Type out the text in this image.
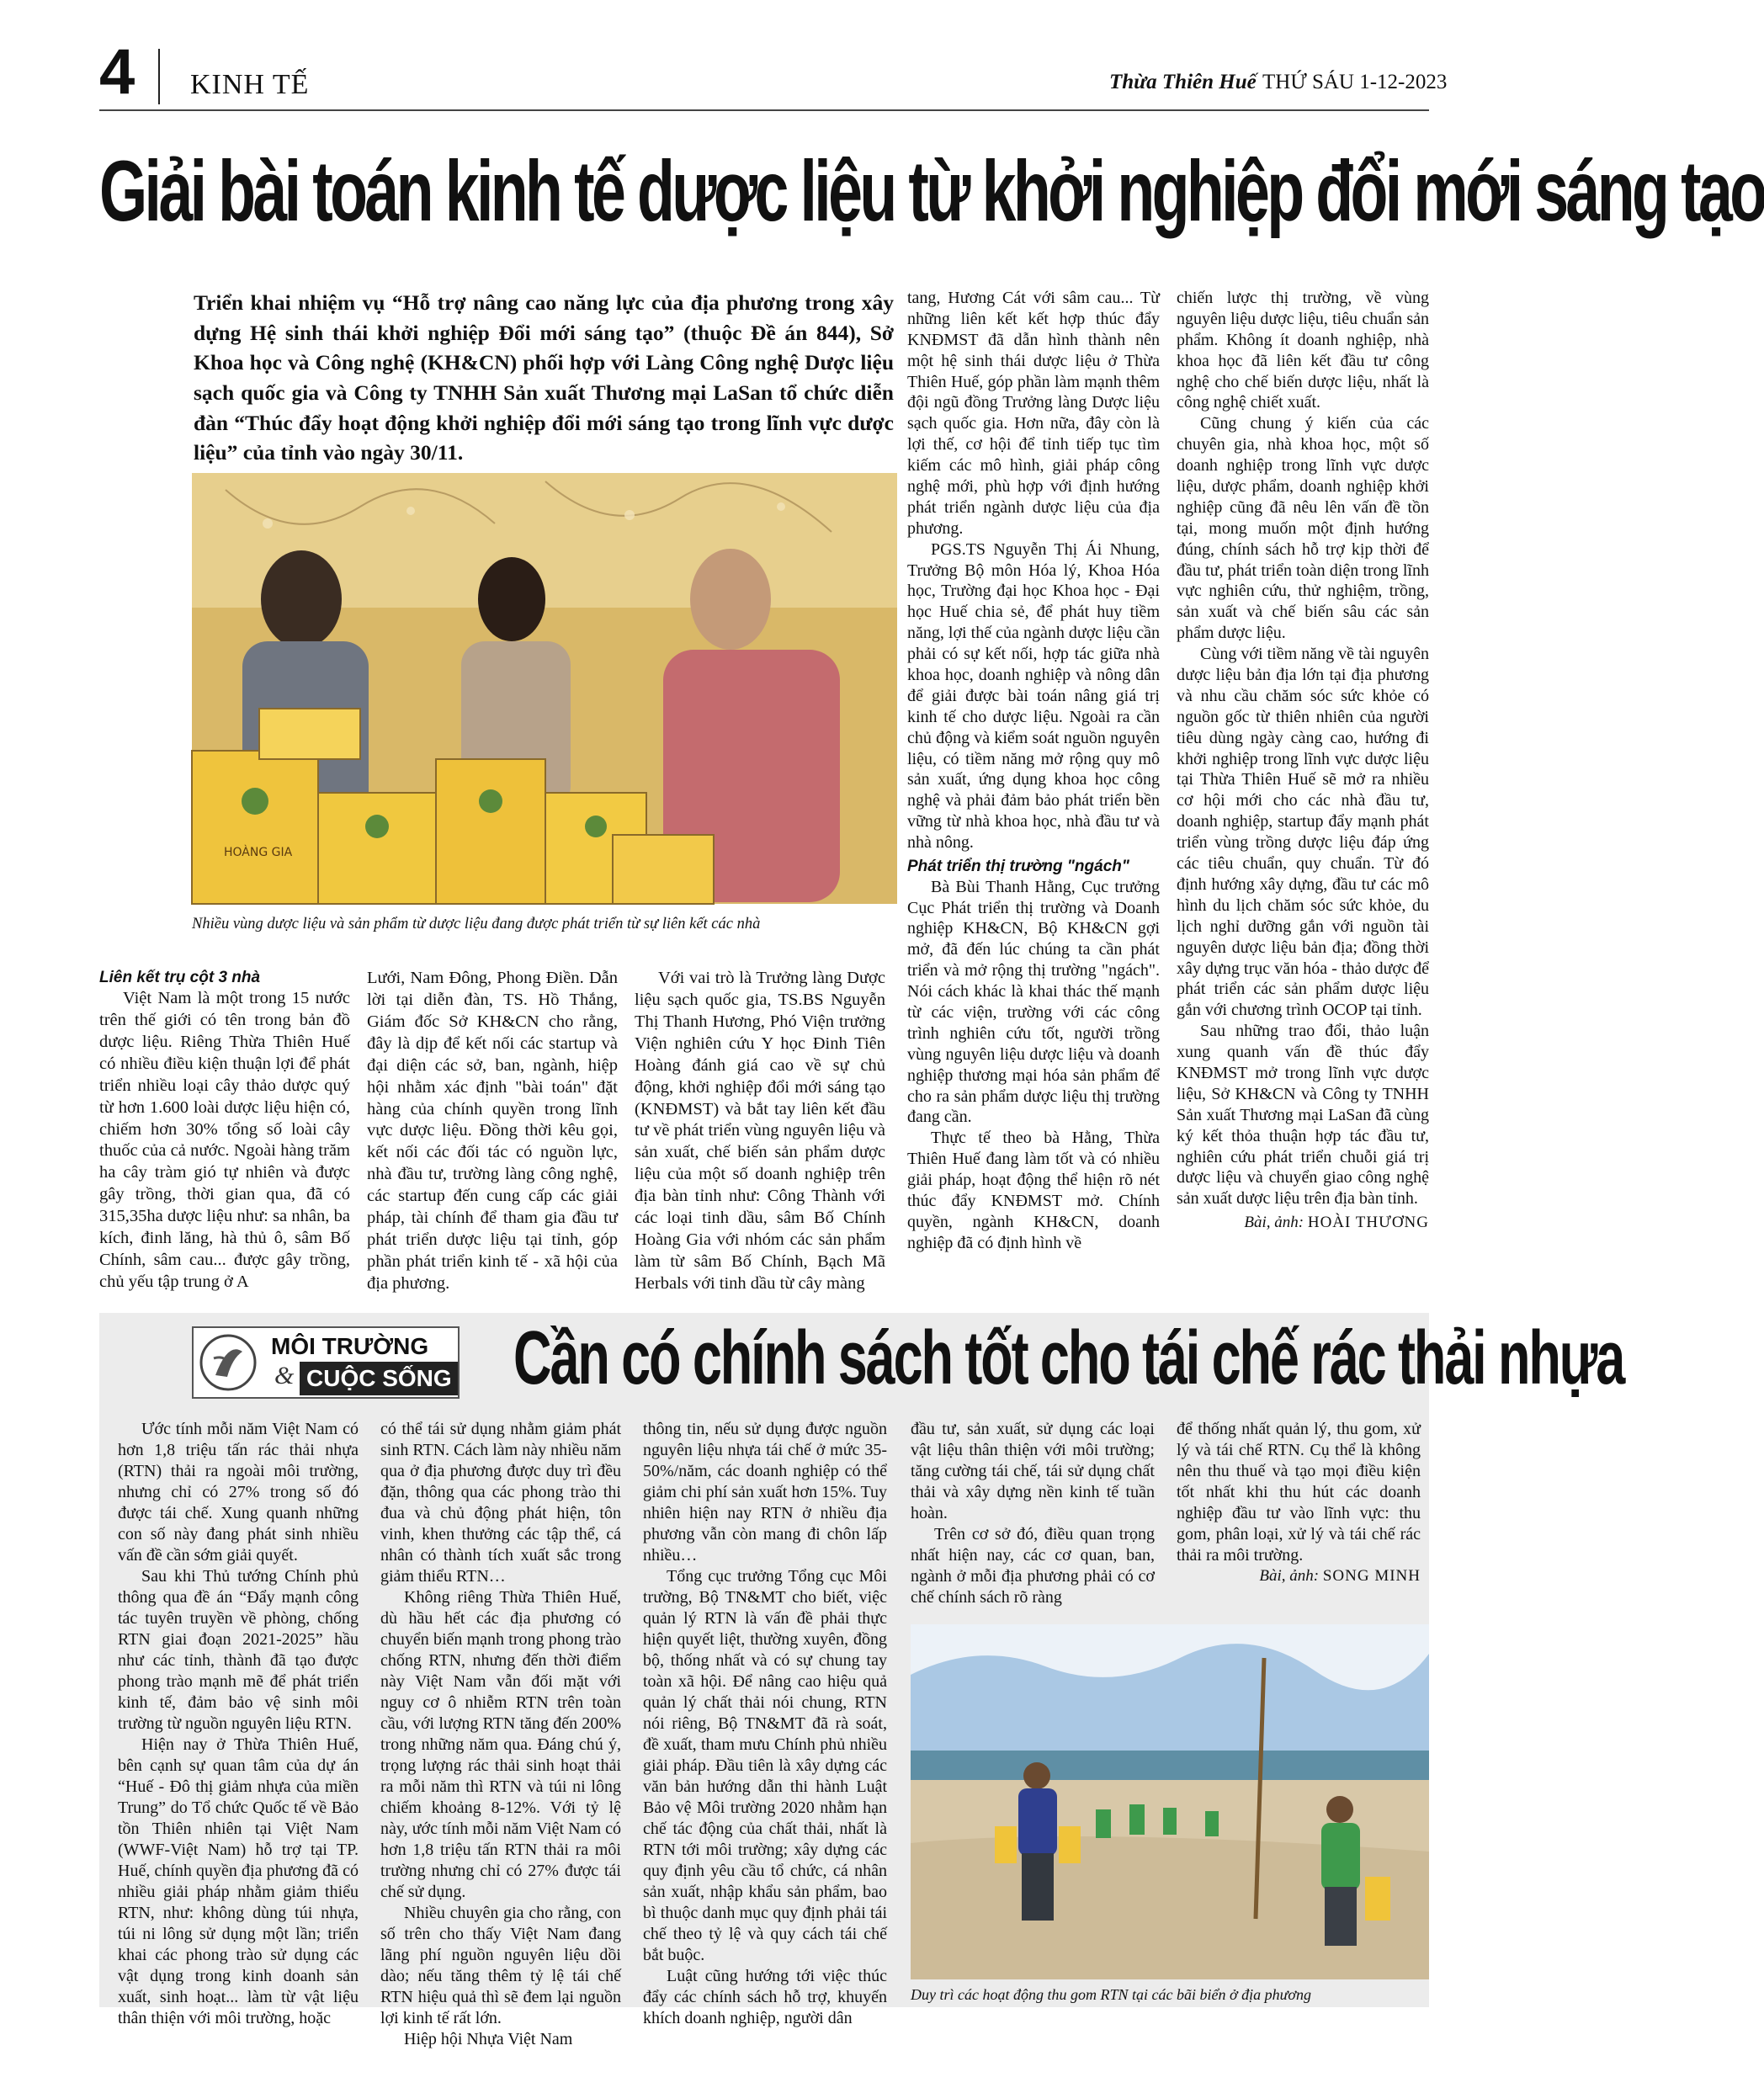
4 KINH TẾ	Thừa Thiên Huế THỨ SÁU 1-12-2023
Giải bài toán kinh tế dược liệu từ khởi nghiệp đổi mới sáng tạo
Triển khai nhiệm vụ “Hỗ trợ nâng cao năng lực của địa phương trong xây dựng Hệ sinh thái khởi nghiệp Đổi mới sáng tạo” (thuộc Đề án 844), Sở Khoa học và Công nghệ (KH&CN) phối hợp với Làng Công nghệ Dược liệu sạch quốc gia và Công ty TNHH Sản xuất Thương mại LaSan tổ chức diễn đàn “Thúc đẩy hoạt động khởi nghiệp đổi mới sáng tạo trong lĩnh vực dược liệu” của tỉnh vào ngày 30/11.
HOÀNG GIA
Nhiều vùng dược liệu và sản phẩm từ dược liệu đang được phát triển từ sự liên kết các nhà

Liên kết trụ cột 3 nhà

Việt Nam là một trong 15 nước trên thế giới có tên trong bản đồ dược liệu. Riêng Thừa Thiên Huế có nhiều điều kiện thuận lợi để phát triển nhiều loại cây thảo dược quý từ hơn 1.600 loài dược liệu hiện có, chiếm hơn 30% tổng số loài cây thuốc của cả nước. Ngoài hàng trăm ha cây tràm gió tự nhiên và được gây trồng, thời gian qua, đã có 315,35ha dược liệu như: sa nhân, ba kích, đinh lăng, hà thủ ô, sâm Bố Chính, sâm cau... được gây trồng, chủ yếu tập trung ở A

Lưới, Nam Đông, Phong Điền. Dẫn lời tại diễn đàn, TS. Hồ Thắng, Giám đốc Sở KH&CN cho rằng, đây là dịp để kết nối các startup và đại diện các sở, ban, ngành, hiệp hội nhằm xác định "bài toán" đặt hàng của chính quyền trong lĩnh vực dược liệu. Đồng thời kêu gọi, kết nối các đối tác có nguồn lực, nhà đầu tư, trường làng công nghệ, các startup đến cung cấp các giải pháp, tài chính để tham gia đầu tư phát triển dược liệu tại tỉnh, góp phần phát triển kinh tế - xã hội của địa phương.

Với vai trò là Trưởng làng Dược liệu sạch quốc gia, TS.BS Nguyễn Thị Thanh Hương, Phó Viện trưởng Viện nghiên cứu Y học Đinh Tiên Hoàng đánh giá cao về sự chủ động, khởi nghiệp đổi mới sáng tạo (KNĐMST) và bắt tay liên kết đầu tư về phát triển vùng nguyên liệu và sản xuất, chế biến sản phẩm dược liệu của một số doanh nghiệp trên địa bàn tỉnh như: Công Thành với các loại tinh dầu, sâm Bố Chính Hoàng Gia với nhóm các sản phẩm làm từ sâm Bố Chính, Bạch Mã Herbals với tinh dầu từ cây màng

tang, Hương Cát với sâm cau... Từ những liên kết kết hợp thúc đẩy KNĐMST đã dẫn hình thành nên một hệ sinh thái dược liệu ở Thừa Thiên Huế, góp phần làm mạnh thêm đội ngũ đồng Trưởng làng Dược liệu sạch quốc gia. Hơn nữa, đây còn là lợi thế, cơ hội để tỉnh tiếp tục tìm kiếm các mô hình, giải pháp công nghệ mới, phù hợp với định hướng phát triển ngành dược liệu của địa phương.

PGS.TS Nguyễn Thị Ái Nhung, Trưởng Bộ môn Hóa lý, Khoa Hóa học, Trường đại học Khoa học - Đại học Huế chia sẻ, để phát huy tiềm năng, lợi thế của ngành dược liệu cần phải có sự kết nối, hợp tác giữa nhà khoa học, doanh nghiệp và nông dân để giải được bài toán nâng giá trị kinh tế cho dược liệu. Ngoài ra cần chủ động và kiểm soát nguồn nguyên liệu, có tiềm năng mở rộng quy mô sản xuất, ứng dụng khoa học công nghệ và phải đảm bảo phát triển bền vững từ nhà khoa học, nhà đầu tư và nhà nông.

Phát triển thị trường "ngách"

Bà Bùi Thanh Hằng, Cục trưởng Cục Phát triển thị trường và Doanh nghiệp KH&CN, Bộ KH&CN gợi mở, đã đến lúc chúng ta cần phát triển và mở rộng thị trường "ngách". Nói cách khác là khai thác thế mạnh từ các viện, trường với các công trình nghiên cứu tốt, người trồng vùng nguyên liệu dược liệu và doanh nghiệp thương mại hóa sản phẩm để cho ra sản phẩm dược liệu thị trường đang cần.

Thực tế theo bà Hằng, Thừa Thiên Huế đang làm tốt và có nhiều giải pháp, hoạt động thể hiện rõ nét thúc đẩy KNĐMST mở. Chính quyền, ngành KH&CN, doanh nghiệp đã có định hình về

chiến lược thị trường, về vùng nguyên liệu dược liệu, tiêu chuẩn sản phẩm. Không ít doanh nghiệp, nhà khoa học đã liên kết đầu tư công nghệ cho chế biến dược liệu, nhất là công nghệ chiết xuất.

Cũng chung ý kiến của các chuyên gia, nhà khoa học, một số doanh nghiệp trong lĩnh vực dược liệu, dược phẩm, doanh nghiệp khởi nghiệp cũng đã nêu lên vấn đề tồn tại, mong muốn một định hướng đúng, chính sách hỗ trợ kịp thời để đầu tư, phát triển toàn diện trong lĩnh vực nghiên cứu, thử nghiệm, trồng, sản xuất và chế biến sâu các sản phẩm dược liệu.

Cùng với tiềm năng về tài nguyên dược liệu bản địa lớn tại địa phương và nhu cầu chăm sóc sức khỏe có nguồn gốc từ thiên nhiên của người tiêu dùng ngày càng cao, hướng đi khởi nghiệp trong lĩnh vực dược liệu tại Thừa Thiên Huế sẽ mở ra nhiều cơ hội mới cho các nhà đầu tư, doanh nghiệp, startup đẩy mạnh phát triển vùng trồng dược liệu đáp ứng các tiêu chuẩn, quy chuẩn. Từ đó định hướng xây dựng, đầu tư các mô hình du lịch chăm sóc sức khỏe, du lịch nghỉ dưỡng gắn với nguồn tài nguyên dược liệu bản địa; đồng thời xây dựng trục văn hóa - thảo dược để phát triển các sản phẩm dược liệu gắn với chương trình OCOP tại tỉnh.

Sau những trao đổi, thảo luận xung quanh vấn đề thúc đẩy KNĐMST mở trong lĩnh vực dược liệu, Sở KH&CN và Công ty TNHH Sản xuất Thương mại LaSan đã cùng ký kết thỏa thuận hợp tác đầu tư, nghiên cứu phát triển chuỗi giá trị dược liệu và chuyển giao công nghệ sản xuất dược liệu trên địa bàn tỉnh.

Bài, ảnh: HOÀI THƯƠNG

MÔI TRƯỜNG
& CUỘC SỐNG Cần có chính sách tốt cho tái chế rác thải nhựa

Ước tính mỗi năm Việt Nam có hơn 1,8 triệu tấn rác thải nhựa (RTN) thải ra ngoài môi trường, nhưng chỉ có 27% trong số đó được tái chế. Xung quanh những con số này đang phát sinh nhiều vấn đề cần sớm giải quyết.

Sau khi Thủ tướng Chính phủ thông qua đề án “Đẩy mạnh công tác tuyên truyền về phòng, chống RTN giai đoạn 2021-2025” hầu như các tỉnh, thành đã tạo được phong trào mạnh mẽ để phát triển kinh tế, đảm bảo vệ sinh môi trường từ nguồn nguyên liệu RTN.

Hiện nay ở Thừa Thiên Huế, bên cạnh sự quan tâm của dự án “Huế - Đô thị giảm nhựa của miền Trung” do Tổ chức Quốc tế về Bảo tồn Thiên nhiên tại Việt Nam (WWF-Việt Nam) hỗ trợ tại TP. Huế, chính quyền địa phương đã có nhiều giải pháp nhằm giảm thiểu RTN, như: không dùng túi nhựa, túi ni lông sử dụng một lần; triển khai các phong trào sử dụng các vật dụng trong kinh doanh sản xuất, sinh hoạt... làm từ vật liệu thân thiện với môi trường, hoặc

có thể tái sử dụng nhằm giảm phát sinh RTN. Cách làm này nhiều năm qua ở địa phương được duy trì đều đặn, thông qua các phong trào thi đua và chủ động phát hiện, tôn vinh, khen thưởng các tập thể, cá nhân có thành tích xuất sắc trong giảm thiểu RTN…

Không riêng Thừa Thiên Huế, dù hầu hết các địa phương có chuyển biến mạnh trong phong trào chống RTN, nhưng đến thời điểm này Việt Nam vẫn đối mặt với nguy cơ ô nhiễm RTN trên toàn cầu, với lượng RTN tăng đến 200% trong những năm qua. Đáng chú ý, trọng lượng rác thải sinh hoạt thải ra mỗi năm thì RTN và túi ni lông chiếm khoảng 8-12%. Với tỷ lệ này, ước tính mỗi năm Việt Nam có hơn 1,8 triệu tấn RTN thải ra môi trường nhưng chỉ có 27% được tái chế sử dụng.

Nhiều chuyên gia cho rằng, con số trên cho thấy Việt Nam đang lãng phí nguồn nguyên liệu dồi dào; nếu tăng thêm tỷ lệ tái chế RTN hiệu quả thì sẽ đem lại nguồn lợi kinh tế rất lớn.

Hiệp hội Nhựa Việt Nam

thông tin, nếu sử dụng được nguồn nguyên liệu nhựa tái chế ở mức 35-50%/năm, các doanh nghiệp có thể giảm chi phí sản xuất hơn 15%. Tuy nhiên hiện nay RTN ở nhiều địa phương vẫn còn mang đi chôn lấp nhiều…

Tổng cục trưởng Tổng cục Môi trường, Bộ TN&MT cho biết, việc quản lý RTN là vấn đề phải thực hiện quyết liệt, thường xuyên, đồng bộ, thống nhất và có sự chung tay toàn xã hội. Để nâng cao hiệu quả quản lý chất thải nói chung, RTN nói riêng, Bộ TN&MT đã rà soát, đề xuất, tham mưu Chính phủ nhiều giải pháp. Đầu tiên là xây dựng các văn bản hướng dẫn thi hành Luật Bảo vệ Môi trường 2020 nhằm hạn chế tác động của chất thải, nhất là RTN tới môi trường; xây dựng các quy định yêu cầu tổ chức, cá nhân sản xuất, nhập khẩu sản phẩm, bao bì thuộc danh mục quy định phải tái chế theo tỷ lệ và quy cách tái chế bắt buộc.

Luật cũng hướng tới việc thúc đẩy các chính sách hỗ trợ, khuyến khích doanh nghiệp, người dân

đầu tư, sản xuất, sử dụng các loại vật liệu thân thiện với môi trường; tăng cường tái chế, tái sử dụng chất thải và xây dựng nền kinh tế tuần hoàn.

Trên cơ sở đó, điều quan trọng nhất hiện nay, các cơ quan, ban, ngành ở mỗi địa phương phải có cơ chế chính sách rõ ràng

để thống nhất quản lý, thu gom, xử lý và tái chế RTN. Cụ thể là không nên thu thuế và tạo mọi điều kiện tốt nhất khi thu hút các doanh nghiệp đầu tư vào lĩnh vực: thu gom, phân loại, xử lý và tái chế rác thải ra môi trường.

Bài, ảnh: SONG MINH

Duy trì các hoạt động thu gom RTN tại các bãi biển ở địa phương
